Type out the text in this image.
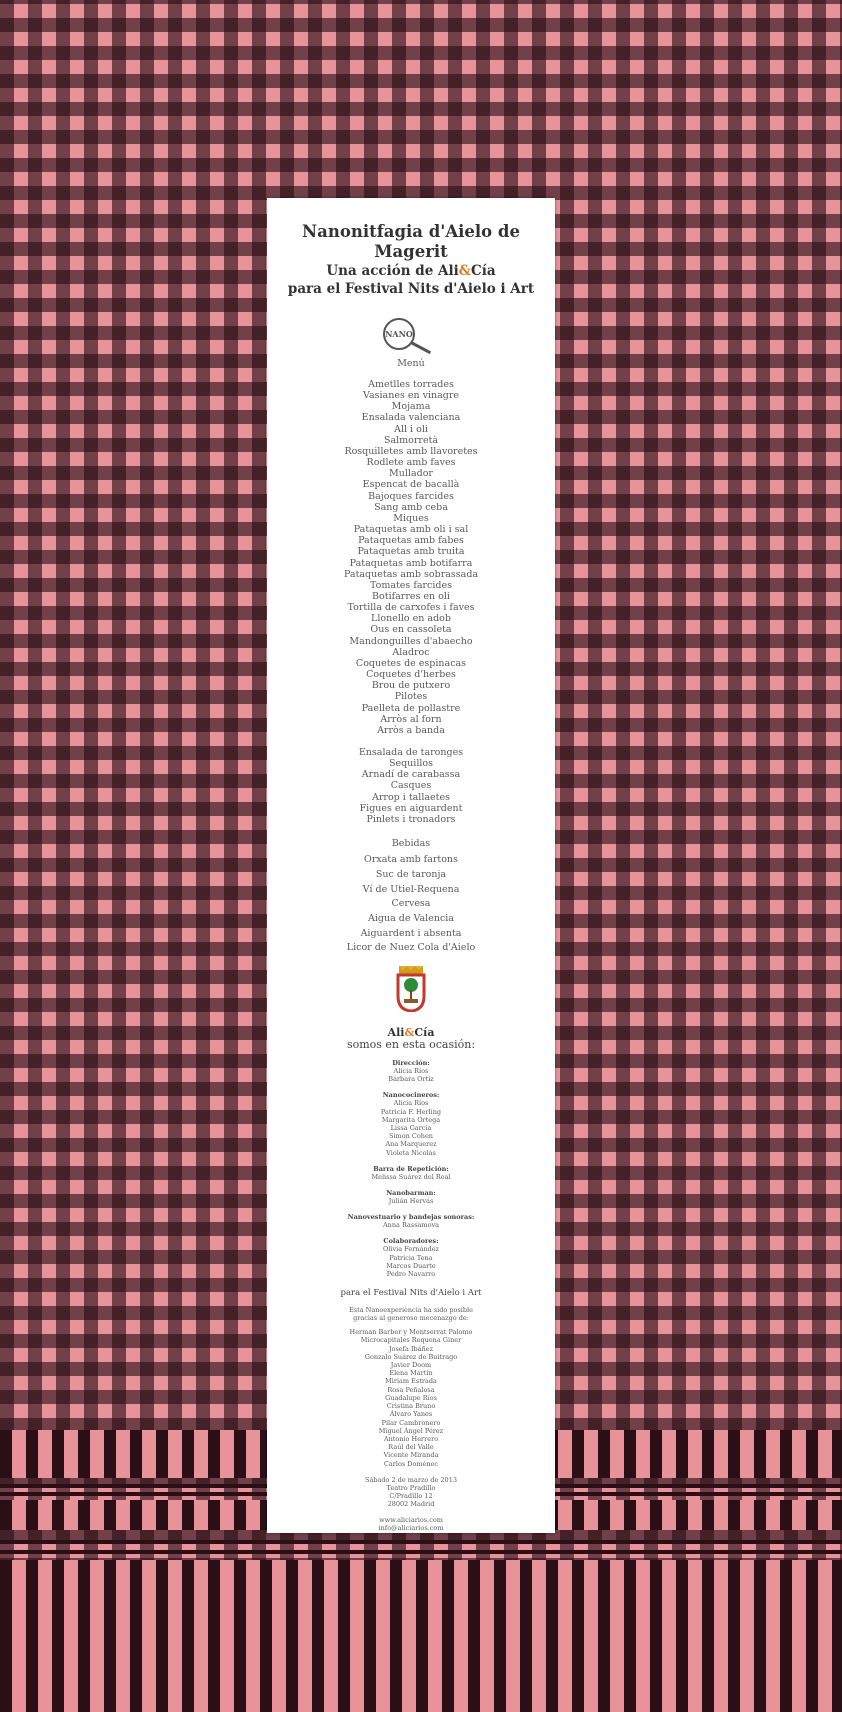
Nanonitfagia d'Aielo de Magerit
Una acción de Ali&Cía
para el Festival Nits d'Aielo i Art
NANO
Menú
Ametlles torrades
Vasianes en vinagre
Mojama
Ensalada valenciana
All i oli
Salmorretà
Rosquilletes amb llavoretes
Rodlete amb faves
Mullador
Espencat de bacallà
Bajoques farcides
Sang amb ceba
Miques
Pataquetas amb oli i sal
Pataquetas amb fabes
Pataquetas amb truita
Pataquetas amb botifarra
Pataquetas amb sobrassada
Tomates farcides
Botifarres en oli
Tortilla de carxofes i faves
Llonello en adob
Ous en cassoleta
Mandonguilles d'abaecho
Aladroc
Coquetes de espinacas
Coquetes d'herbes
Brou de putxero
Pilotes
Paelleta de pollastre
Arròs al forn
Arròs a banda
Ensalada de taronges
Sequillos
Arnadí de carabassa
Casques
Arrop i tallaetes
Figues en aiguardent
Pinlets i tronadors
Bebidas
Orxata amb fartons
Suc de taronja
Ví de Utiel-Requena
Cervesa
Aigua de Valencia
Aiguardent i absenta
Licor de Nuez Cola d'Aielo
Ali&Cía
somos en esta ocasión:
Dirección:
Alicia Ríos
Bárbara Ortiz
Nanococineros:
Alicia Ríos
Patricia F. Herling
Margarita Ortega
Lissa García
Simon Cohen
Ana Marquerez
Violeta Nicolás
Barra de Repetición:
Melissa Suárez del Real
Nanobarman:
Julián Hervás
Nanovestuario y bandejas sonoras:
Anna Rassamova
Colaboradores:
Olivia Fernández
Patricia Tena
Marcos Duarte
Pedro Navarro
para el Festival Nits d'Aielo i Art
Esta Nanoexperiència ha sido posible
gracias al generoso mecenazgo de:
Herman Barber y Montserrat Palomo
Microcapitales Requena Giner
Josefa Ibáñez
Gonzalo Suárez de Buitrago
Javier Doom
Elena Martín
Miriam Estrada
Rosa Peñalosa
Guadalupe Ríos
Cristina Bruno
Álvaro Yanes
Pilar Cambronero
Miguel Ángel Pérez
Antonio Herrero
Raúl del Valle
Vicente Miranda
Carlos Doménec
Sábado 2 de marzo de 2013
Teatro Pradillo
C/Pradillo 12
28002 Madrid
www.aliciarios.com
info@aliciarios.com
